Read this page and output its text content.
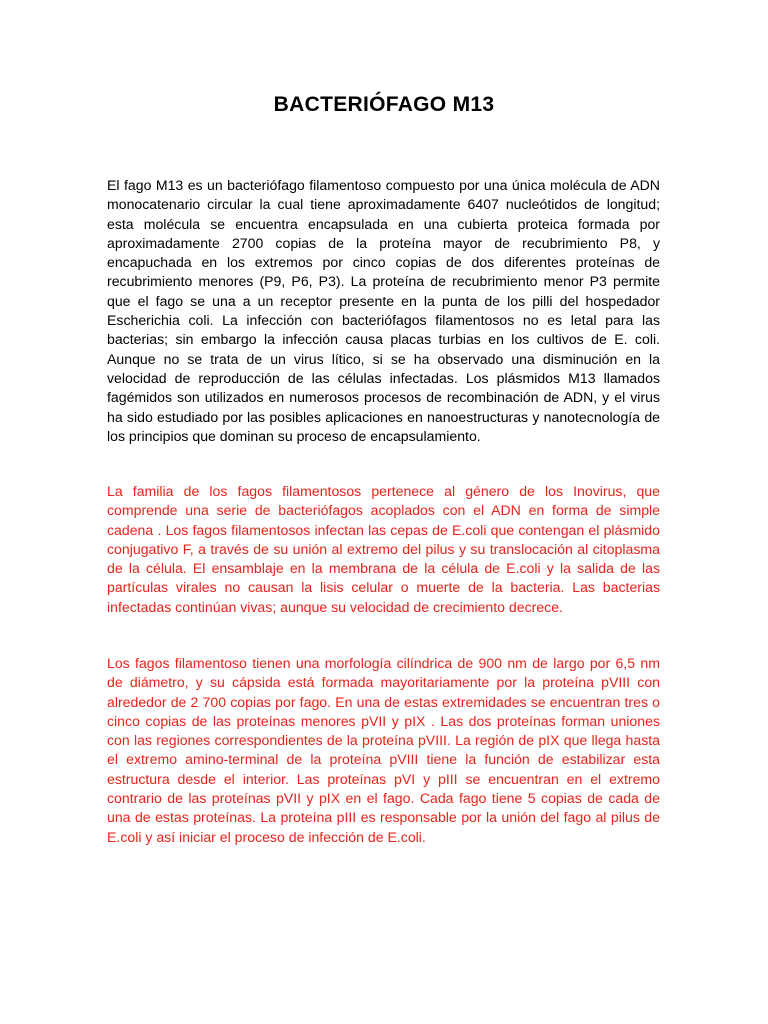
BACTERIÓFAGO M13

El fago M13 es un bacteriófago filamentoso compuesto por una única molécula de ADN monocatenario circular la cual tiene aproximadamente 6407 nucleótidos de longitud; esta molécula se encuentra encapsulada en una cubierta proteica formada por aproximadamente 2700 copias de la proteína mayor de recubrimiento P8, y encapuchada en los extremos por cinco copias de dos diferentes proteínas de recubrimiento menores (P9, P6, P3). La proteína de recubrimiento menor P3 permite que el fago se una a un receptor presente en la punta de los pilli del hospedador Escherichia coli. La infección con bacteriófagos filamentosos no es letal para las bacterias; sin embargo la infección causa placas turbias en los cultivos de E. coli. Aunque no se trata de un virus lítico, si se ha observado una disminución en la velocidad de reproducción de las células infectadas. Los plásmidos M13 llamados fagémidos son utilizados en numerosos procesos de recombinación de ADN, y el virus ha sido estudiado por las posibles aplicaciones en nanoestructuras y nanotecnología de los principios que dominan su proceso de encapsulamiento.

La familia de los fagos filamentosos pertenece al género de los Inovirus, que comprende una serie de bacteriófagos acoplados con el ADN en forma de simple cadena . Los fagos filamentosos infectan las cepas de E.coli que contengan el plásmido conjugativo F, a través de su unión al extremo del pilus y su translocación al citoplasma de la célula. El ensamblaje en la membrana de la célula de E.coli y la salida de las partículas virales no causan la lisis celular o muerte de la bacteria. Las bacterias infectadas continúan vivas; aunque su velocidad de crecimiento decrece.

Los fagos filamentoso tienen una morfología cilíndrica de 900 nm de largo por 6,5 nm de diámetro, y su cápsida está formada mayoritariamente por la proteína pVIII con alrededor de 2 700 copias por fago. En una de estas extremidades se encuentran tres o cinco copias de las proteínas menores pVII y pIX . Las dos proteínas forman uniones con las regiones correspondientes de la proteína pVIII. La región de pIX que llega hasta el extremo amino-terminal de la proteína pVIII tiene la función de estabilizar esta estructura desde el interior. Las proteínas pVI y pIII se encuentran en el extremo contrario de las proteínas pVII y pIX en el fago. Cada fago tiene 5 copias de cada de una de estas proteínas. La proteína pIII es responsable por la unión del fago al pilus de E.coli y así iniciar el proceso de infección de E.coli.
